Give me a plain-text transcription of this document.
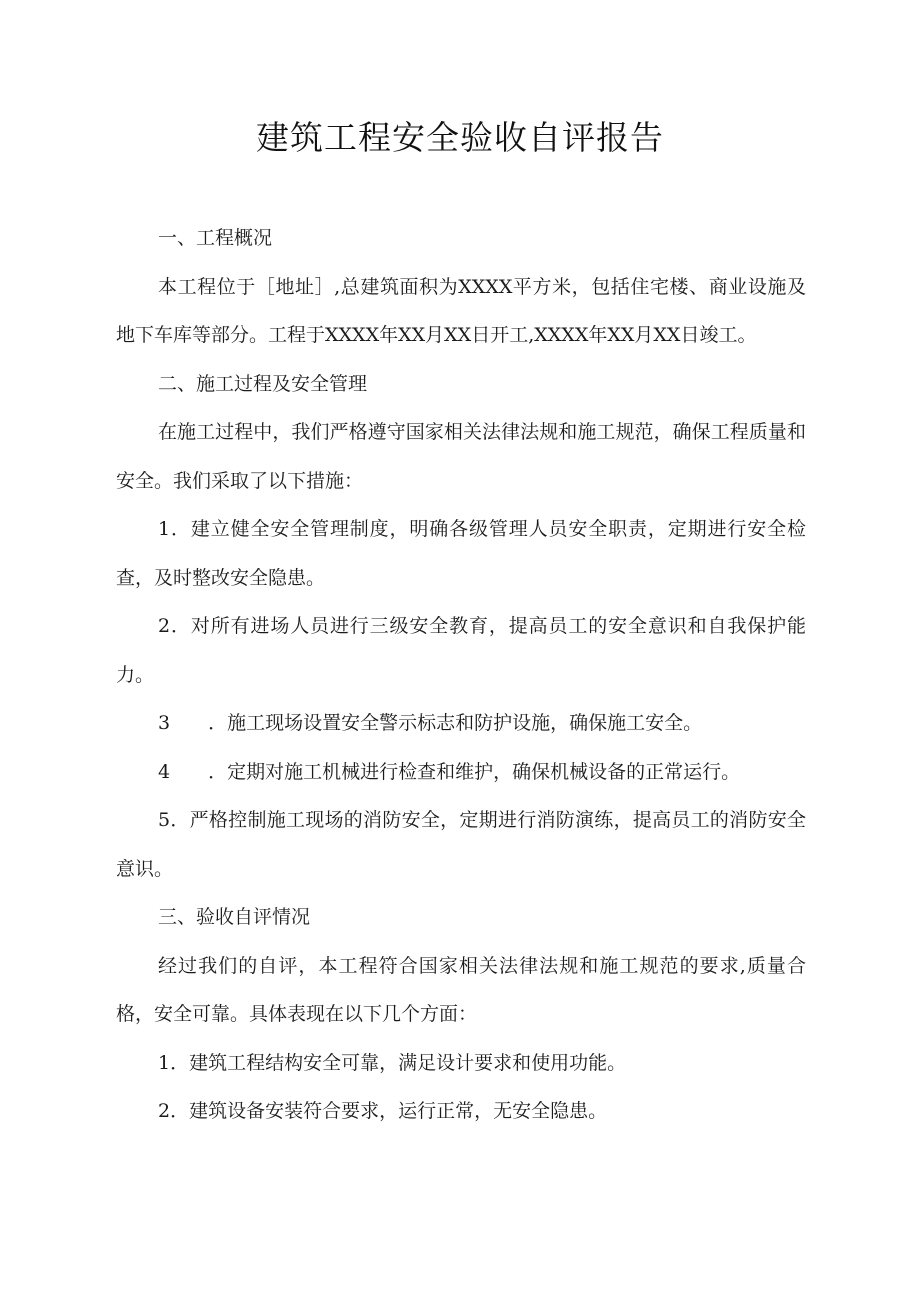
建筑工程安全验收自评报告

一、工程概况

本工程位于［地址］,总建筑面积为XXXX平方米，包括住宅楼、商业设施及地下车库等部分。工程于XXXX年XX月XX日开工,XXXX年XX月XX日竣工。

二、施工过程及安全管理

在施工过程中，我们严格遵守国家相关法律法规和施工规范，确保工程质量和安全。我们采取了以下措施：

1．建立健全安全管理制度，明确各级管理人员安全职责，定期进行安全检查，及时整改安全隐患。

2．对所有进场人员进行三级安全教育，提高员工的安全意识和自我保护能力。

3　　．施工现场设置安全警示标志和防护设施，确保施工安全。

4　　．定期对施工机械进行检查和维护，确保机械设备的正常运行。

5．严格控制施工现场的消防安全，定期进行消防演练，提高员工的消防安全意识。

三、验收自评情况

经过我们的自评，本工程符合国家相关法律法规和施工规范的要求,质量合格，安全可靠。具体表现在以下几个方面：

1．建筑工程结构安全可靠，满足设计要求和使用功能。

2．建筑设备安装符合要求，运行正常，无安全隐患。
